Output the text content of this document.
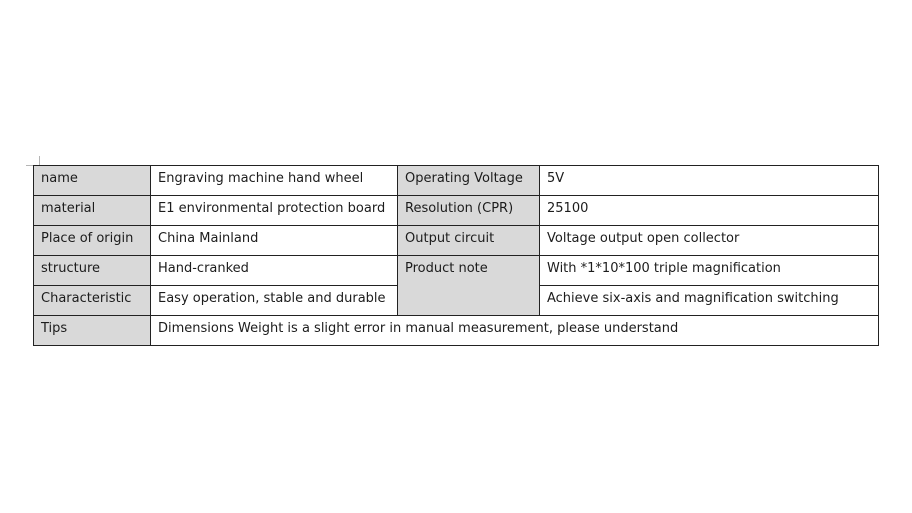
name	Engraving machine hand wheel	Operating Voltage	5V
material	E1 environmental protection board	Resolution (CPR)	25100
Place of origin	China Mainland	Output circuit	Voltage output open collector
structure	Hand-cranked	Product note	With *1*10*100 triple magnification
Characteristic	Easy operation, stable and durable		Achieve six-axis and magnification switching
Tips	Dimensions Weight is a slight error in manual measurement, please understand		
